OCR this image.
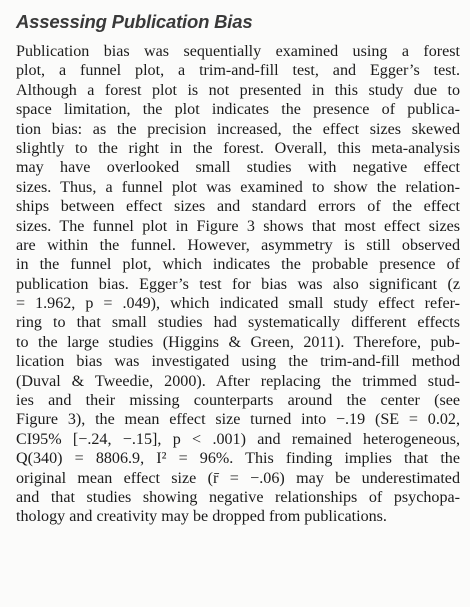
Assessing Publication Bias
Publication bias was sequentially examined using a forest
plot, a funnel plot, a trim-and-fill test, and Egger’s test.
Although a forest plot is not presented in this study due to
space limitation, the plot indicates the presence of publica-
tion bias: as the precision increased, the effect sizes skewed
slightly to the right in the forest. Overall, this meta-analysis
may have overlooked small studies with negative effect
sizes. Thus, a funnel plot was examined to show the relation-
ships between effect sizes and standard errors of the effect
sizes. The funnel plot in Figure 3 shows that most effect sizes
are within the funnel. However, asymmetry is still observed
in the funnel plot, which indicates the probable presence of
publication bias. Egger’s test for bias was also significant (z
= 1.962, p = .049), which indicated small study effect refer-
ring to that small studies had systematically different effects
to the large studies (Higgins & Green, 2011). Therefore, pub-
lication bias was investigated using the trim-and-fill method
(Duval & Tweedie, 2000). After replacing the trimmed stud-
ies and their missing counterparts around the center (see
Figure 3), the mean effect size turned into −.19 (SE = 0.02,
CI95% [−.24, −.15], p < .001) and remained heterogeneous,
Q(340) = 8806.9, I² = 96%. This finding implies that the
original mean effect size (r̄ = −.06) may be underestimated
and that studies showing negative relationships of psychopa-
thology and creativity may be dropped from publications.
